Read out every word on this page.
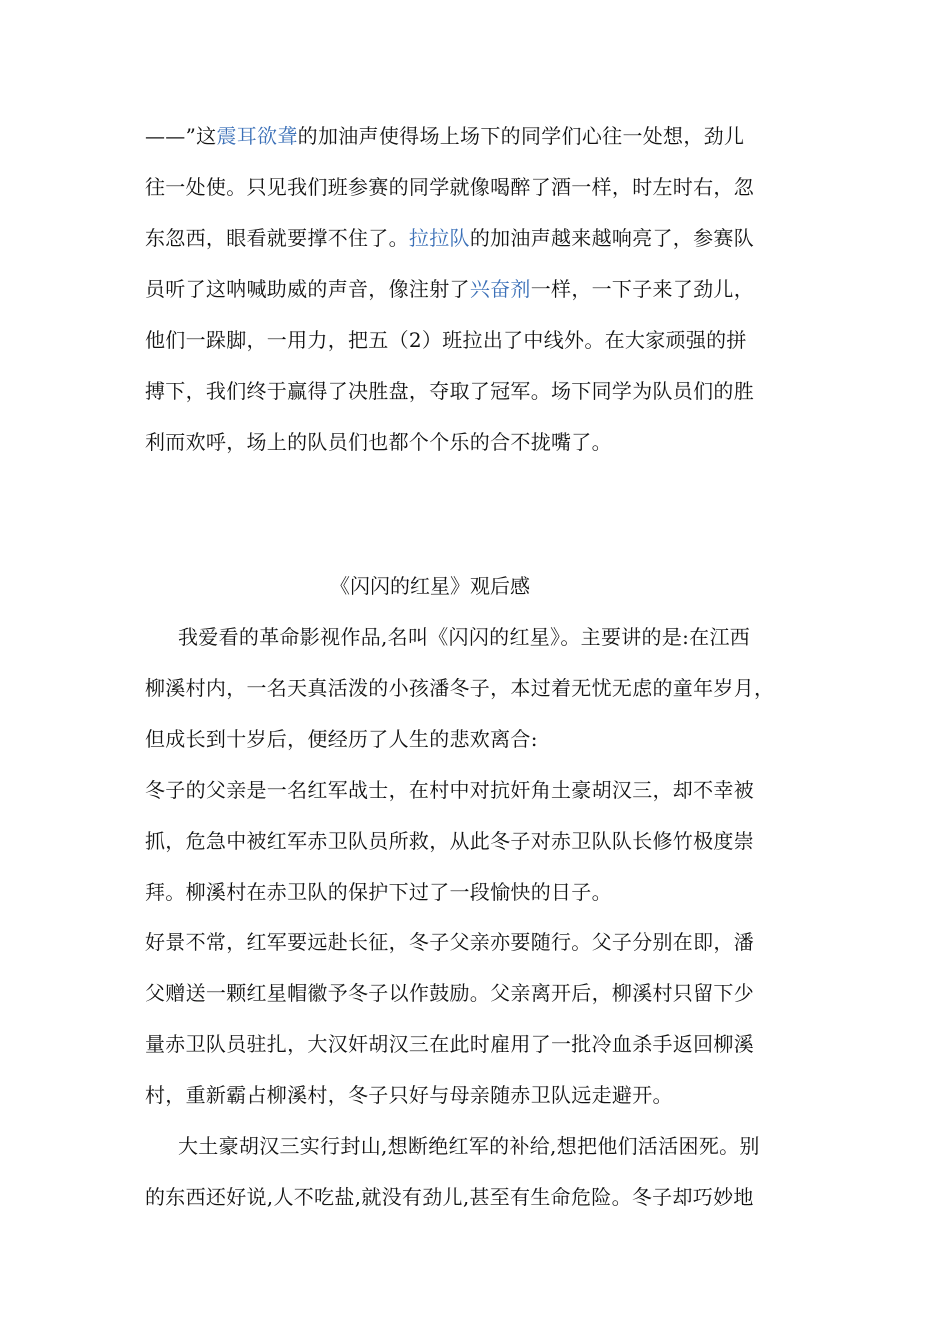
——”这震耳欲聋的加油声使得场上场下的同学们心往一处想，劲儿
往一处使。只见我们班参赛的同学就像喝醉了酒一样，时左时右，忽
东忽西，眼看就要撑不住了。拉拉队的加油声越来越响亮了，参赛队
员听了这呐喊助威的声音，像注射了兴奋剂一样，一下子来了劲儿，
他们一跺脚，一用力，把五（2）班拉出了中线外。在大家顽强的拼
搏下，我们终于赢得了决胜盘，夺取了冠军。场下同学为队员们的胜
利而欢呼，场上的队员们也都个个乐的合不拢嘴了。
《闪闪的红星》观后感
我爱看的革命影视作品,名叫《闪闪的红星》。主要讲的是:在江西
柳溪村内，一名天真活泼的小孩潘冬子，本过着无忧无虑的童年岁月，
但成长到十岁后，便经历了人生的悲欢离合:
冬子的父亲是一名红军战士，在村中对抗奸角土豪胡汉三，却不幸被
抓，危急中被红军赤卫队员所救，从此冬子对赤卫队队长修竹极度崇
拜。柳溪村在赤卫队的保护下过了一段愉快的日子。
好景不常，红军要远赴长征，冬子父亲亦要随行。父子分别在即，潘
父赠送一颗红星帽徽予冬子以作鼓励。父亲离开后，柳溪村只留下少
量赤卫队员驻扎，大汉奸胡汉三在此时雇用了一批冷血杀手返回柳溪
村，重新霸占柳溪村，冬子只好与母亲随赤卫队远走避开。
大土豪胡汉三实行封山,想断绝红军的补给,想把他们活活困死。别
的东西还好说,人不吃盐,就没有劲儿,甚至有生命危险。冬子却巧妙地
